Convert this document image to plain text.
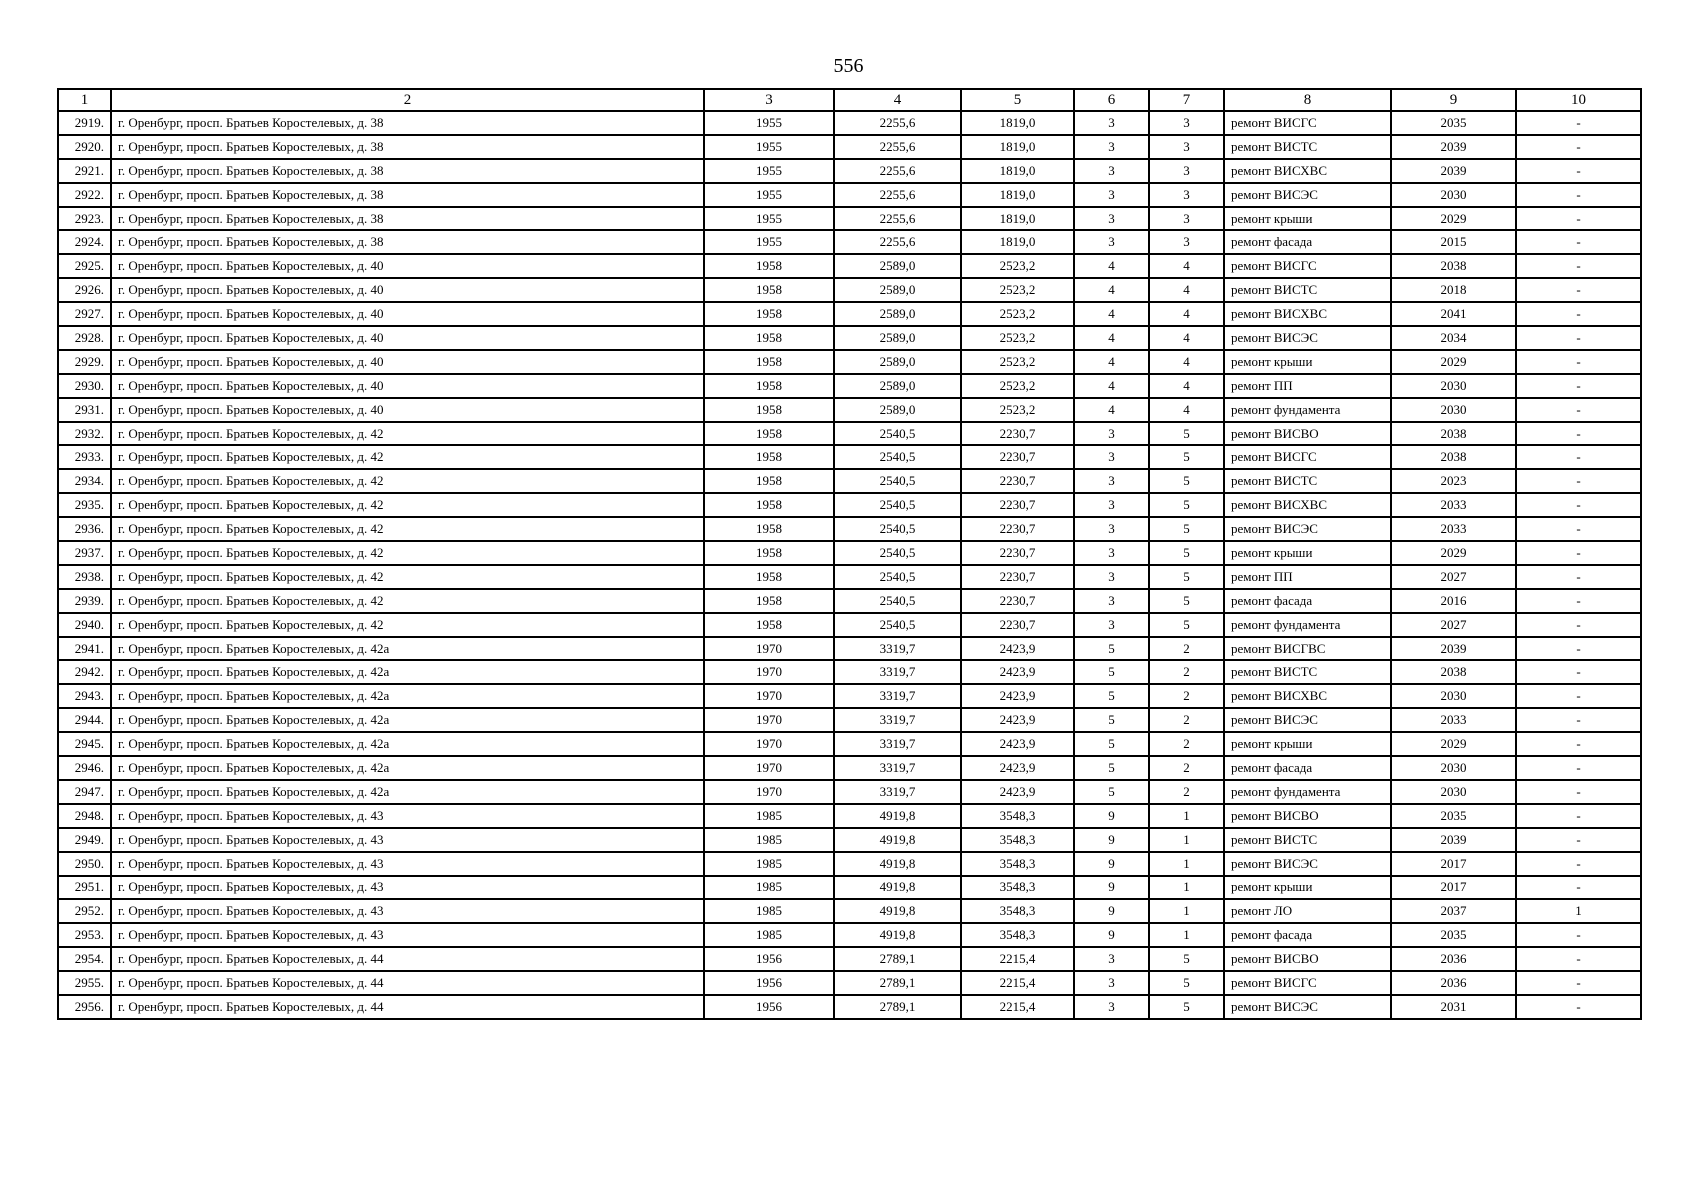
556
1	2	3	4	5	6	7	8	9	10
2919.	г. Оренбург, просп. Братьев Коростелевых, д. 38	1955	2255,6	1819,0	3	3	ремонт ВИСГС	2035	-
2920.	г. Оренбург, просп. Братьев Коростелевых, д. 38	1955	2255,6	1819,0	3	3	ремонт ВИСТС	2039	-
2921.	г. Оренбург, просп. Братьев Коростелевых, д. 38	1955	2255,6	1819,0	3	3	ремонт ВИСХВС	2039	-
2922.	г. Оренбург, просп. Братьев Коростелевых, д. 38	1955	2255,6	1819,0	3	3	ремонт ВИСЭС	2030	-
2923.	г. Оренбург, просп. Братьев Коростелевых, д. 38	1955	2255,6	1819,0	3	3	ремонт крыши	2029	-
2924.	г. Оренбург, просп. Братьев Коростелевых, д. 38	1955	2255,6	1819,0	3	3	ремонт фасада	2015	-
2925.	г. Оренбург, просп. Братьев Коростелевых, д. 40	1958	2589,0	2523,2	4	4	ремонт ВИСГС	2038	-
2926.	г. Оренбург, просп. Братьев Коростелевых, д. 40	1958	2589,0	2523,2	4	4	ремонт ВИСТС	2018	-
2927.	г. Оренбург, просп. Братьев Коростелевых, д. 40	1958	2589,0	2523,2	4	4	ремонт ВИСХВС	2041	-
2928.	г. Оренбург, просп. Братьев Коростелевых, д. 40	1958	2589,0	2523,2	4	4	ремонт ВИСЭС	2034	-
2929.	г. Оренбург, просп. Братьев Коростелевых, д. 40	1958	2589,0	2523,2	4	4	ремонт крыши	2029	-
2930.	г. Оренбург, просп. Братьев Коростелевых, д. 40	1958	2589,0	2523,2	4	4	ремонт ПП	2030	-
2931.	г. Оренбург, просп. Братьев Коростелевых, д. 40	1958	2589,0	2523,2	4	4	ремонт фундамента	2030	-
2932.	г. Оренбург, просп. Братьев Коростелевых, д. 42	1958	2540,5	2230,7	3	5	ремонт ВИСВО	2038	-
2933.	г. Оренбург, просп. Братьев Коростелевых, д. 42	1958	2540,5	2230,7	3	5	ремонт ВИСГС	2038	-
2934.	г. Оренбург, просп. Братьев Коростелевых, д. 42	1958	2540,5	2230,7	3	5	ремонт ВИСТС	2023	-
2935.	г. Оренбург, просп. Братьев Коростелевых, д. 42	1958	2540,5	2230,7	3	5	ремонт ВИСХВС	2033	-
2936.	г. Оренбург, просп. Братьев Коростелевых, д. 42	1958	2540,5	2230,7	3	5	ремонт ВИСЭС	2033	-
2937.	г. Оренбург, просп. Братьев Коростелевых, д. 42	1958	2540,5	2230,7	3	5	ремонт крыши	2029	-
2938.	г. Оренбург, просп. Братьев Коростелевых, д. 42	1958	2540,5	2230,7	3	5	ремонт ПП	2027	-
2939.	г. Оренбург, просп. Братьев Коростелевых, д. 42	1958	2540,5	2230,7	3	5	ремонт фасада	2016	-
2940.	г. Оренбург, просп. Братьев Коростелевых, д. 42	1958	2540,5	2230,7	3	5	ремонт фундамента	2027	-
2941.	г. Оренбург, просп. Братьев Коростелевых, д. 42а	1970	3319,7	2423,9	5	2	ремонт ВИСГВС	2039	-
2942.	г. Оренбург, просп. Братьев Коростелевых, д. 42а	1970	3319,7	2423,9	5	2	ремонт ВИСТС	2038	-
2943.	г. Оренбург, просп. Братьев Коростелевых, д. 42а	1970	3319,7	2423,9	5	2	ремонт ВИСХВС	2030	-
2944.	г. Оренбург, просп. Братьев Коростелевых, д. 42а	1970	3319,7	2423,9	5	2	ремонт ВИСЭС	2033	-
2945.	г. Оренбург, просп. Братьев Коростелевых, д. 42а	1970	3319,7	2423,9	5	2	ремонт крыши	2029	-
2946.	г. Оренбург, просп. Братьев Коростелевых, д. 42а	1970	3319,7	2423,9	5	2	ремонт фасада	2030	-
2947.	г. Оренбург, просп. Братьев Коростелевых, д. 42а	1970	3319,7	2423,9	5	2	ремонт фундамента	2030	-
2948.	г. Оренбург, просп. Братьев Коростелевых, д. 43	1985	4919,8	3548,3	9	1	ремонт ВИСВО	2035	-
2949.	г. Оренбург, просп. Братьев Коростелевых, д. 43	1985	4919,8	3548,3	9	1	ремонт ВИСТС	2039	-
2950.	г. Оренбург, просп. Братьев Коростелевых, д. 43	1985	4919,8	3548,3	9	1	ремонт ВИСЭС	2017	-
2951.	г. Оренбург, просп. Братьев Коростелевых, д. 43	1985	4919,8	3548,3	9	1	ремонт крыши	2017	-
2952.	г. Оренбург, просп. Братьев Коростелевых, д. 43	1985	4919,8	3548,3	9	1	ремонт ЛО	2037	1
2953.	г. Оренбург, просп. Братьев Коростелевых, д. 43	1985	4919,8	3548,3	9	1	ремонт фасада	2035	-
2954.	г. Оренбург, просп. Братьев Коростелевых, д. 44	1956	2789,1	2215,4	3	5	ремонт ВИСВО	2036	-
2955.	г. Оренбург, просп. Братьев Коростелевых, д. 44	1956	2789,1	2215,4	3	5	ремонт ВИСГС	2036	-
2956.	г. Оренбург, просп. Братьев Коростелевых, д. 44	1956	2789,1	2215,4	3	5	ремонт ВИСЭС	2031	-
